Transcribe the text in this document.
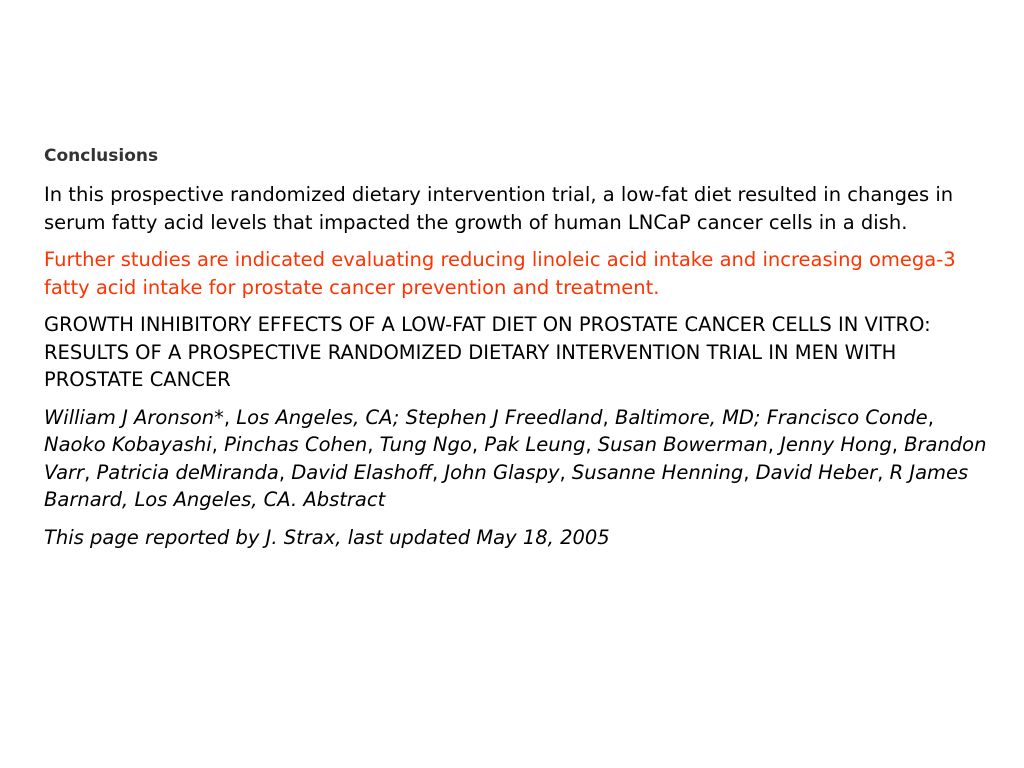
Conclusions

In this prospective randomized dietary intervention trial, a low-fat diet resulted in changes in serum fatty acid levels that impacted the growth of human LNCaP cancer cells in a dish.

Further studies are indicated evaluating reducing linoleic acid intake and increasing omega-3 fatty acid intake for prostate cancer prevention and treatment.

GROWTH INHIBITORY EFFECTS OF A LOW-FAT DIET ON PROSTATE CANCER CELLS IN VITRO: RESULTS OF A PROSPECTIVE RANDOMIZED DIETARY INTERVENTION TRIAL IN MEN WITH PROSTATE CANCER

William J Aronson*, Los Angeles, CA; Stephen J Freedland, Baltimore, MD; Francisco Conde, Naoko Kobayashi, Pinchas Cohen, Tung Ngo, Pak Leung, Susan Bowerman, Jenny Hong, Brandon Varr, Patricia deMiranda, David Elashoff, John Glaspy, Susanne Henning, David Heber, R James Barnard, Los Angeles, CA. Abstract

This page reported by J. Strax, last updated May 18, 2005
